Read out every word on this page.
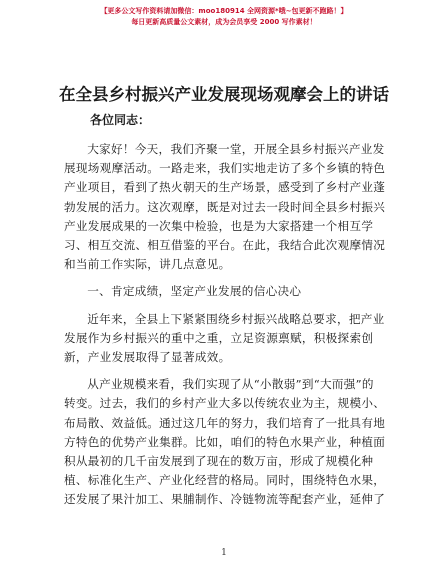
【更多公文写作资料请加微信：moo180914 全网资源*哦~包更新不跑路！】
每日更新高质量公文素材，成为会员享受 2000 写作素材！
在全县乡村振兴产业发展现场观摩会上的讲话
各位同志：
大家好！今天，我们齐聚一堂，开展全县乡村振兴产业发
展现场观摩活动。一路走来，我们实地走访了多个乡镇的特色
产业项目，看到了热火朝天的生产场景，感受到了乡村产业蓬
勃发展的活力。这次观摩，既是对过去一段时间全县乡村振兴
产业发展成果的一次集中检验，也是为大家搭建一个相互学
习、相互交流、相互借鉴的平台。在此，我结合此次观摩情况
和当前工作实际，讲几点意见。
一、肯定成绩，坚定产业发展的信心决心
近年来，全县上下紧紧围绕乡村振兴战略总要求，把产业
发展作为乡村振兴的重中之重，立足资源禀赋，积极探索创
新，产业发展取得了显著成效。
从产业规模来看，我们实现了从“小散弱”到“大而强”的
转变。过去，我们的乡村产业大多以传统农业为主，规模小、
布局散、效益低。通过这几年的努力，我们培育了一批具有地
方特色的优势产业集群。比如，咱们的特色水果产业，种植面
积从最初的几千亩发展到了现在的数万亩，形成了规模化种
植、标准化生产、产业化经营的格局。同时，围绕特色水果，
还发展了果汁加工、果脯制作、冷链物流等配套产业，延伸了
1
